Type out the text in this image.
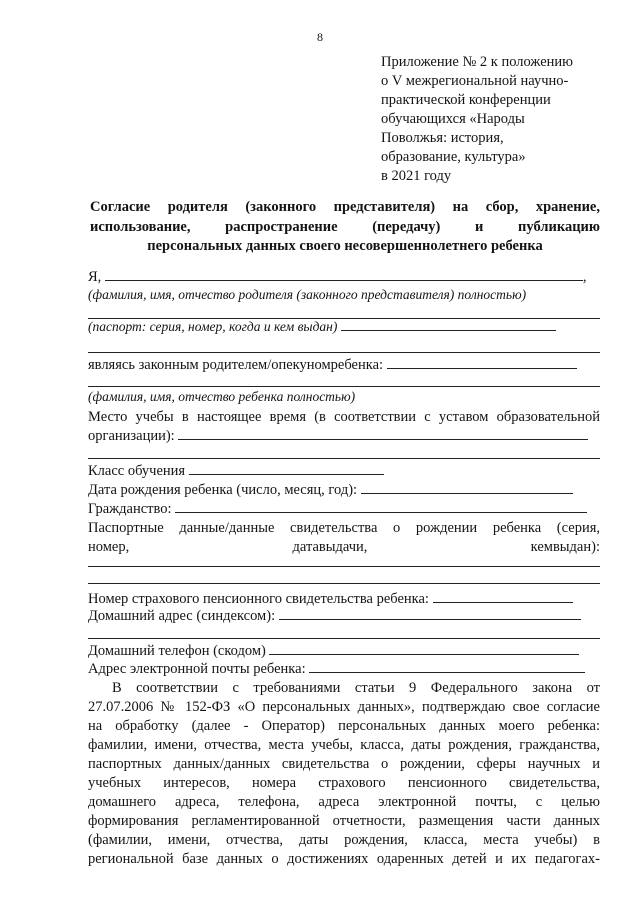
8
Приложение № 2 к положению
о V межрегиональной научно-
практической конференции
обучающихся «Народы
Поволжья: история,
образование, культура»
в 2021 году
Согласие родителя (законного представителя) на сбор, хранение,
использование, распространение (передачу) и публикацию
персональных данных своего несовершеннолетнего ребенка
Я,	,
(фамилия, имя, отчество родителя (законного представителя) полностью)
(паспорт: серия, номер, когда и кем выдан)
являясь законным родителем/опекуномребенка:
(фамилия, имя, отчество ребенка полностью)
Место учебы в настоящее время (в соответствии с уставом образовательной
организации):
Класс обучения
Дата рождения ребенка (число, месяц, год):
Гражданство:
Паспортные данные/данные свидетельства о рождении ребенка (серия,
номер,	датавыдачи,	кемвыдан):
Номер страхового пенсионного свидетельства ребенка:
Домашний адрес (синдексом):
Домашний телефон (скодом)
Адрес электронной почты ребенка:
В соответствии с требованиями статьи 9 Федерального закона от
27.07.2006 № 152-ФЗ «О персональных данных», подтверждаю свое согласие
на обработку (далее - Оператор) персональных данных моего ребенка:
фамилии, имени, отчества, места учебы, класса, даты рождения, гражданства,
паспортных данных/данных свидетельства о рождении, сферы научных и
учебных интересов, номера страхового пенсионного свидетельства,
домашнего адреса, телефона, адреса электронной почты, с целью
формирования регламентированной отчетности, размещения части данных
(фамилии, имени, отчества, даты рождения, класса, места учебы) в
региональной базе данных о достижениях одаренных детей и их педагогах-
